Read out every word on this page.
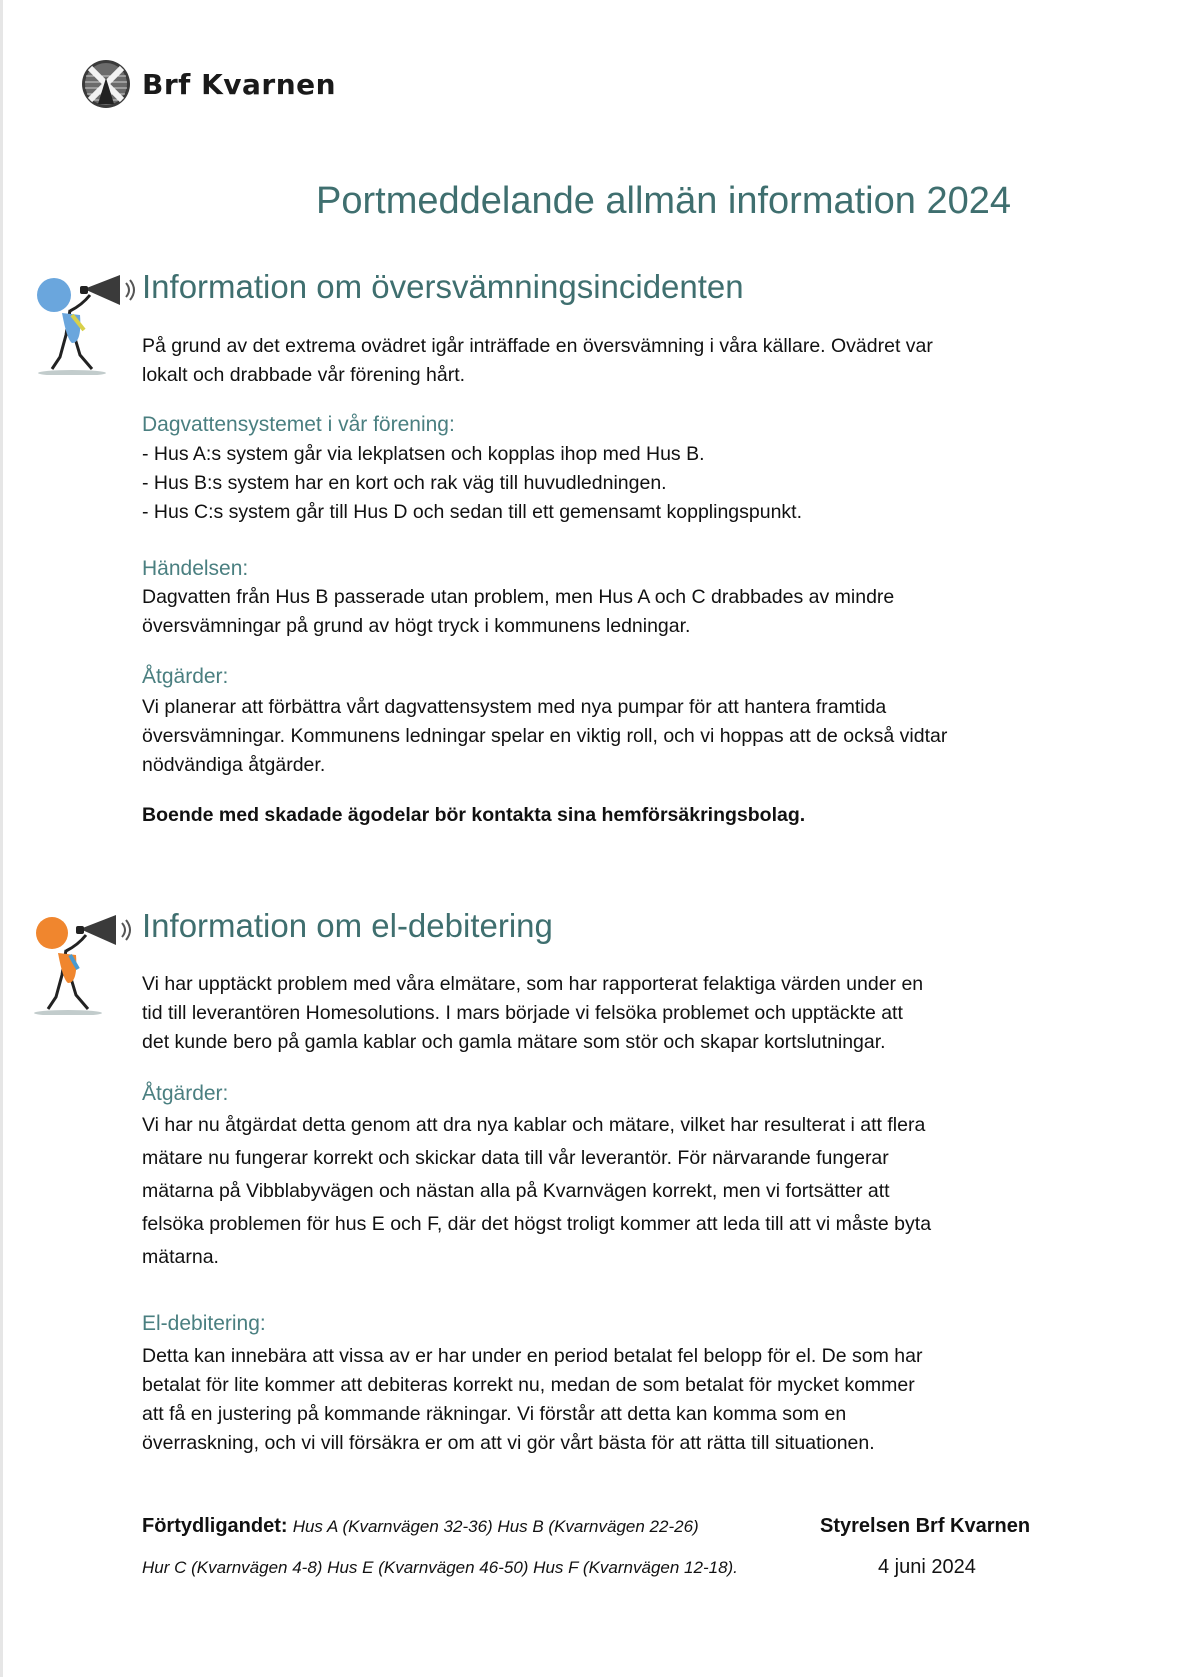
Brf Kvarnen
Portmeddelande allmän information 2024
Information om översvämningsincidenten
På grund av det extrema ovädret igår inträffade en översvämning i våra källare. Ovädret var
lokalt och drabbade vår förening hårt.
Dagvattensystemet i vår förening:
- Hus A:s system går via lekplatsen och kopplas ihop med Hus B.
- Hus B:s system har en kort och rak väg till huvudledningen.
- Hus C:s system går till Hus D och sedan till ett gemensamt kopplingspunkt.
Händelsen:
Dagvatten från Hus B passerade utan problem, men Hus A och C drabbades av mindre
översvämningar på grund av högt tryck i kommunens ledningar.
Åtgärder:
Vi planerar att förbättra vårt dagvattensystem med nya pumpar för att hantera framtida
översvämningar. Kommunens ledningar spelar en viktig roll, och vi hoppas att de också vidtar
nödvändiga åtgärder.
Boende med skadade ägodelar bör kontakta sina hemförsäkringsbolag.
Information om el-debitering
Vi har upptäckt problem med våra elmätare, som har rapporterat felaktiga värden under en
tid till leverantören Homesolutions. I mars började vi felsöka problemet och upptäckte att
det kunde bero på gamla kablar och gamla mätare som stör och skapar kortslutningar.
Åtgärder:
Vi har nu åtgärdat detta genom att dra nya kablar och mätare, vilket har resulterat i att flera
mätare nu fungerar korrekt och skickar data till vår leverantör. För närvarande fungerar
mätarna på Vibblabyvägen och nästan alla på Kvarnvägen korrekt, men vi fortsätter att
felsöka problemen för hus E och F, där det högst troligt kommer att leda till att vi måste byta
mätarna.
El-debitering:
Detta kan innebära att vissa av er har under en period betalat fel belopp för el. De som har
betalat för lite kommer att debiteras korrekt nu, medan de som betalat för mycket kommer
att få en justering på kommande räkningar. Vi förstår att detta kan komma som en
överraskning, och vi vill försäkra er om att vi gör vårt bästa för att rätta till situationen.
Förtydligandet: Hus A (Kvarnvägen 32-36) Hus B (Kvarnvägen 22-26)
Hur C (Kvarnvägen 4-8) Hus E (Kvarnvägen 46-50) Hus F (Kvarnvägen 12-18).
Styrelsen Brf Kvarnen
4 juni 2024
